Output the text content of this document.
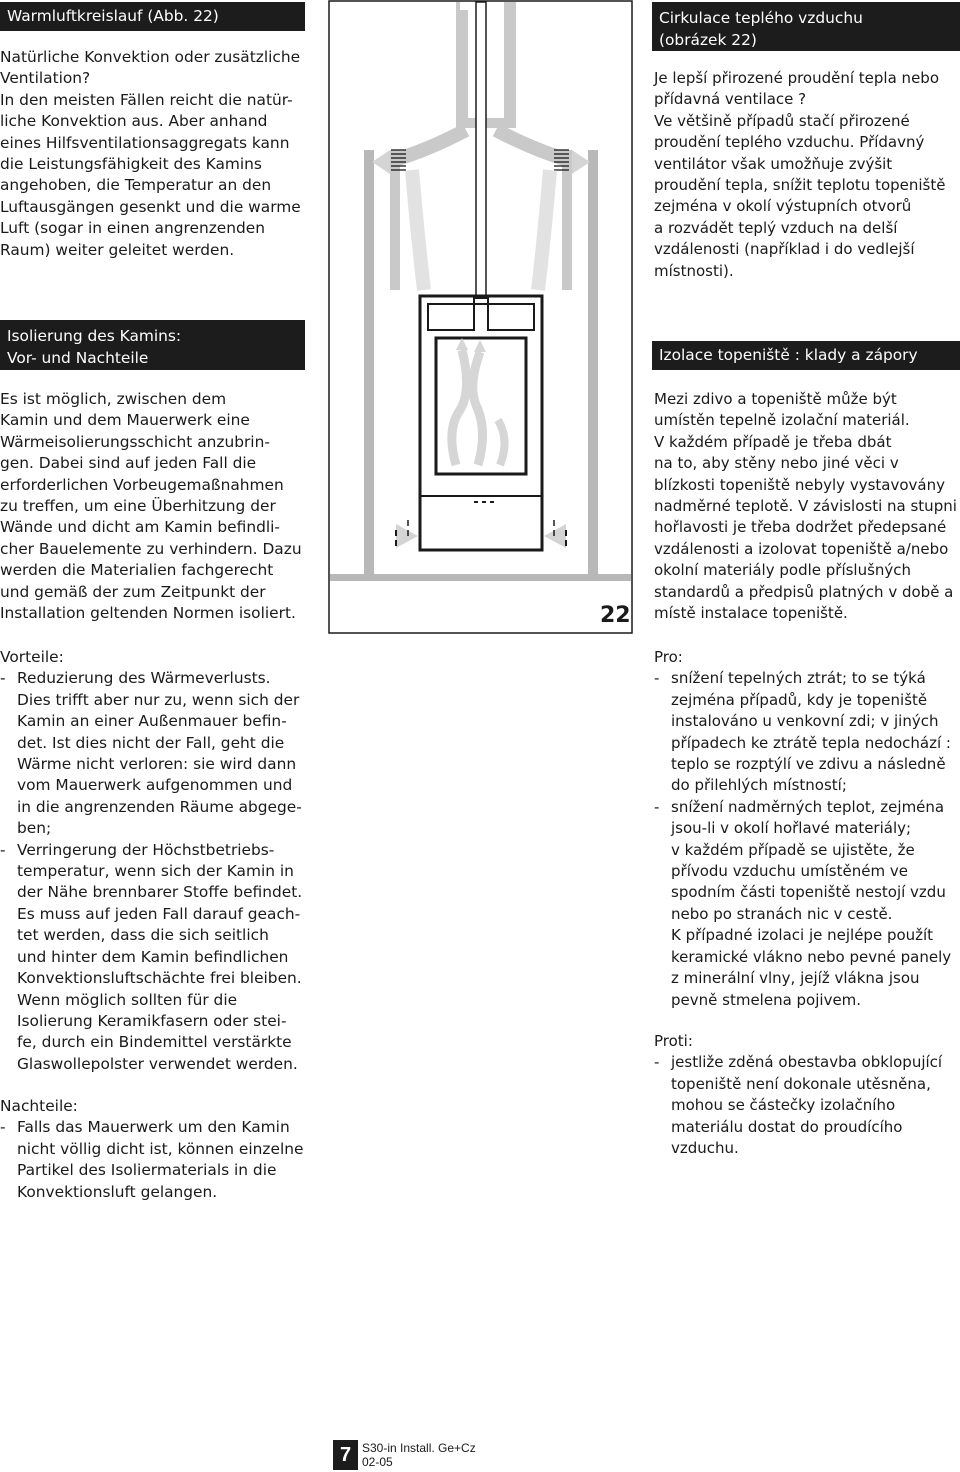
Warmluftkreislauf (Abb. 22)
Natürliche Konvektion oder zusätzliche
Ventilation?
In den meisten Fällen reicht die natür-
liche Konvektion aus. Aber anhand
eines Hilfsventilationsaggregats kann
die Leistungsfähigkeit des Kamins
angehoben, die Temperatur an den
Luftausgängen gesenkt und die warme
Luft (sogar in einen angrenzenden
Raum) weiter geleitet werden.
Isolierung des Kamins:
Vor- und Nachteile
Es ist möglich, zwischen dem
Kamin und dem Mauerwerk eine
Wärmeisolierungsschicht anzubrin-
gen. Dabei sind auf jeden Fall die
erforderlichen Vorbeugemaßnahmen
zu treffen, um eine Überhitzung der
Wände und dicht am Kamin befindli-
cher Bauelemente zu verhindern. Dazu
werden die Materialien fachgerecht
und gemäß der zum Zeitpunkt der
Installation geltenden Normen isoliert.

Vorteile:

- Reduzierung des Wärmeverlusts.
Dies trifft aber nur zu, wenn sich der
Kamin an einer Außenmauer befin-
det. Ist dies nicht der Fall, geht die
Wärme nicht verloren: sie wird dann
vom Mauerwerk aufgenommen und
in die angrenzenden Räume abgege-
ben;
- Verringerung der Höchstbetriebs-
temperatur, wenn sich der Kamin in
der Nähe brennbarer Stoffe befindet.
Es muss auf jeden Fall darauf geach-
tet werden, dass die sich seitlich
und hinter dem Kamin befindlichen
Konvektionsluftschächte frei bleiben.
Wenn möglich sollten für die
Isolierung Keramikfasern oder stei-
fe, durch ein Bindemittel verstärkte
Glaswollepolster verwendet werden.

Nachteile:

- Falls das Mauerwerk um den Kamin
nicht völlig dicht ist, können einzelne
Partikel des Isoliermaterials in die
Konvektionsluft gelangen.
22
Cirkulace teplého vzduchu
(obrázek 22)
Je lepší přirozené proudění tepla nebo
přídavná ventilace ?
Ve většině případů stačí přirozené
proudění teplého vzduchu. Přídavný
ventilátor však umožňuje zvýšit
proudění tepla, snížit teplotu topeniště
zejména v okolí výstupních otvorů
a rozvádět teplý vzduch na delší
vzdálenosti (například i do vedlejší
místnosti).
Izolace topeniště : klady a zápory
Mezi zdivo a topeniště může být
umístěn tepelně izolační materiál.
V každém případě je třeba dbát
na to, aby stěny nebo jiné věci v
blízkosti topeniště nebyly vystavovány
nadměrné teplotě. V závislosti na stupni
hořlavosti je třeba dodržet předepsané
vzdálenosti a izolovat topeniště a/nebo
okolní materiály podle příslušných
standardů a předpisů platných v době a
místě instalace topeniště.

Pro:

- snížení tepelných ztrát; to se týká
zejména případů, kdy je topeniště
instalováno u venkovní zdi; v jiných
případech ke ztrátě tepla nedochází :
teplo se rozptýlí ve zdivu a následně
do přilehlých místností;
- snížení nadměrných teplot, zejména
jsou-li v okolí hořlavé materiály;
v každém případě se ujistěte, že
přívodu vzduchu umístěném ve
spodním části topeniště nestojí vzdu
nebo po stranách nic v cestě.
K případné izolaci je nejlépe použít
keramické vlákno nebo pevné panely
z minerální vlny, jejíž vlákna jsou
pevně stmelena pojivem.

Proti:

- jestliže zděná obestavba obklopující
topeniště není dokonale utěsněna,
mohou se částečky izolačního
materiálu dostat do proudícího
vzduchu.
7 S30-in Install. Ge+Cz
02-05
